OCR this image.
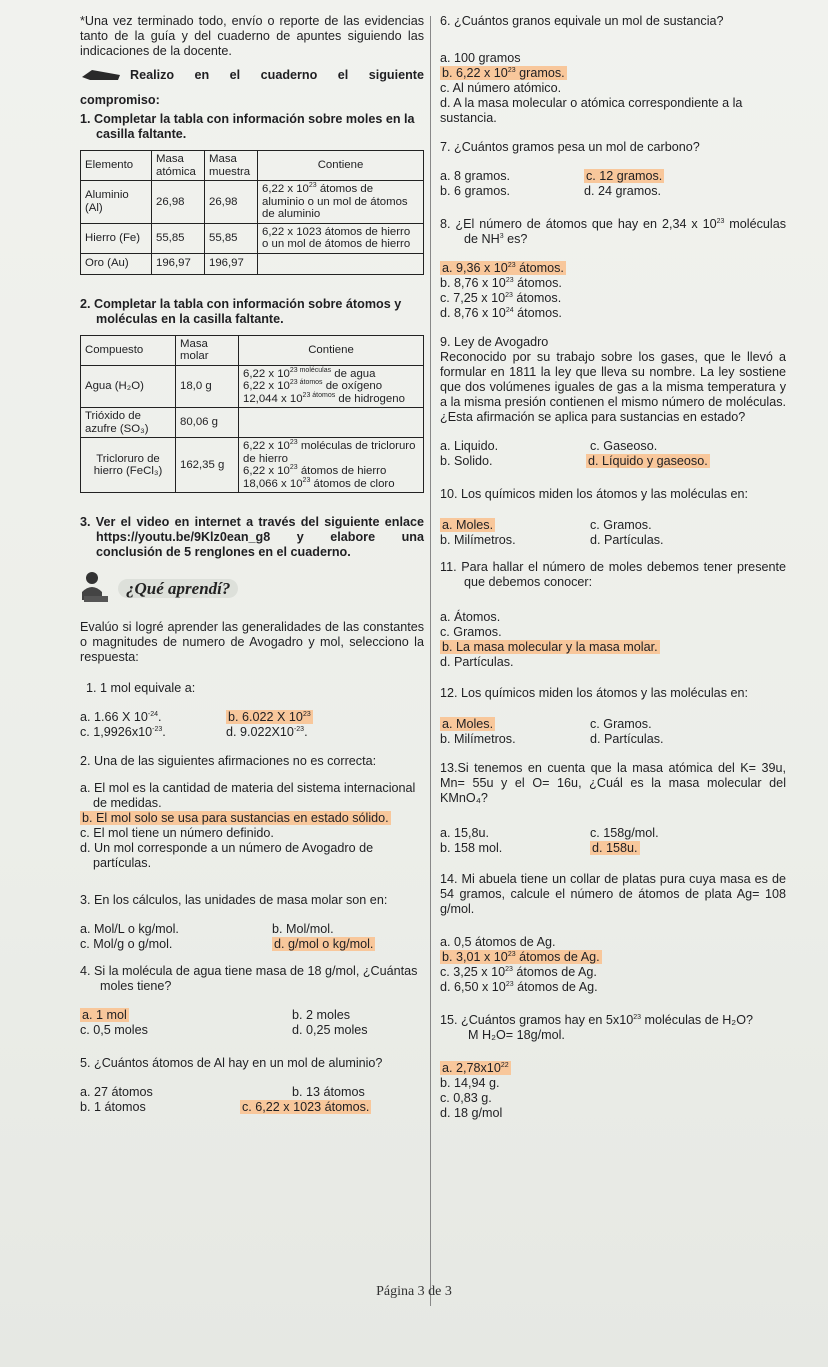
*Una vez terminado todo, envío o reporte de las evidencias tanto de la guía y del cuaderno de apuntes siguiendo las indicaciones de la docente.

Realizo en el cuaderno el siguiente

compromiso:

1. Completar la tabla con información sobre moles en la casilla faltante.

Elemento	Masa atómica	Masa muestra	Contiene
Aluminio (Al)	26,98	26,98	6,22 x $10^{23}$ átomos de
aluminio o un mol de átomos de aluminio
Hierro (Fe)	55,85	55,85	6,22 x 1023 átomos de hierro o un mol de átomos de hierro
Oro (Au)	196,97	196,97	

2. Completar la tabla con información sobre átomos y moléculas en la casilla faltante.

Compuesto	Masa molar	Contiene
Agua (H₂O)	18,0 g	6,22 x $10^{23 moléculas}$ de agua
6,22 x $10^{23 átomos}$ de oxígeno
12,044 x $10^{23 átomos}$ de hidrogeno
Trióxido de azufre (SO₃)	80,06 g	
Tricloruro de hierro (FeCl₃)	162,35 g	6,22 x $10^{23}$ moléculas de tricloruro de hierro
6,22 x $10^{23}$ átomos de hierro
18,066 x $10^{23}$ átomos de cloro

3. Ver el video en internet a través del siguiente enlace https://youtu.be/9Klz0ean_g8 y elabore una conclusión de 5 renglones en el cuaderno.

¿Qué aprendí?

Evalúo si logré aprender las generalidades de las constantes o magnitudes de numero de Avogadro y mol, selecciono la respuesta:

1. 1 mol equivale a:

a. 1.66 X $10^{-24}$.	b. 6.022 X $10^{23}$
c. $1,9926x10^{-23}$.	d. $9.022X10^{-23}$.

2. Una de las siguientes afirmaciones no es correcta:

a. El mol es la cantidad de materia del sistema internacional de medidas.

b. El mol solo se usa para sustancias en estado sólido.

c. El mol tiene un número definido.

d. Un mol corresponde a un número de Avogadro de partículas.

3. En los cálculos, las unidades de masa molar son en:

a. Mol/L o kg/mol.	b. Mol/mol.
c. Mol/g o g/mol.	d. g/mol o kg/mol.

4. Si la molécula de agua tiene masa de 18 g/mol, ¿Cuántas moles tiene?

a. 1 mol	b. 2 moles
c. 0,5 moles	d. 0,25 moles

5. ¿Cuántos átomos de Al hay en un mol de aluminio?

a. 27 átomos	b. 13 átomos
b. 1 átomos	c. 6,22 x 1023 átomos.

6. ¿Cuántos granos equivale un mol de sustancia?

a. 100 gramos

b. 6,22 x $10^{23}$ gramos.

c. Al número atómico.

d. A la masa molecular o atómica correspondiente a la sustancia.

7. ¿Cuántos gramos pesa un mol de carbono?

a. 8 gramos.	c. 12 gramos.
b. 6 gramos.	d. 24 gramos.

8. ¿El número de átomos que hay en 2,34 x $10^{23}$ moléculas de $NH^3$ es?

a. 9,36 x $10^{23}$ átomos.

b. 8,76 x $10^{23}$ átomos.

c. 7,25 x $10^{23}$ átomos.

d. 8,76 x $10^{24}$ átomos.

9. Ley de Avogadro

Reconocido por su trabajo sobre los gases, que le llevó a formular en 1811 la ley que lleva su nombre. La ley sostiene que dos volúmenes iguales de gas a la misma temperatura y a la misma presión contienen el mismo número de moléculas. ¿Esta afirmación se aplica para sustancias en estado?

a. Liquido.	c. Gaseoso.
b. Solido.	d. Líquido y gaseoso.

10. Los químicos miden los átomos y las moléculas en:

a. Moles.	c. Gramos.
b. Milímetros.	d. Partículas.

11. Para hallar el número de moles debemos tener presente que debemos conocer:

a. Átomos.

c. Gramos.

b. La masa molecular y la masa molar.

d. Partículas.

12. Los químicos miden los átomos y las moléculas en:

a. Moles.	c. Gramos.
b. Milímetros.	d. Partículas.

13.Si tenemos en cuenta que la masa atómica del K= 39u, Mn= 55u y el O= 16u, ¿Cuál es la masa molecular del KMnO₄?

a. 15,8u.	c. 158g/mol.
b. 158 mol.	d. 158u.

14. Mi abuela tiene un collar de platas pura cuya masa es de 54 gramos, calcule el número de átomos de plata Ag= 108 g/mol.

a. 0,5 átomos de Ag.

b. 3,01 x $10^{23}$ átomos de Ag.

c. 3,25 x $10^{23}$ átomos de Ag.

d. 6,50 x $10^{23}$ átomos de Ag.

15. ¿Cuántos gramos hay en $5x10^{23}$ moléculas de H₂O?

M H₂O= 18g/mol.

a. $2,78x10^{22}$

b. 14,94 g.

c. 0,83 g.

d. 18 g/mol

Página 3 de 3
